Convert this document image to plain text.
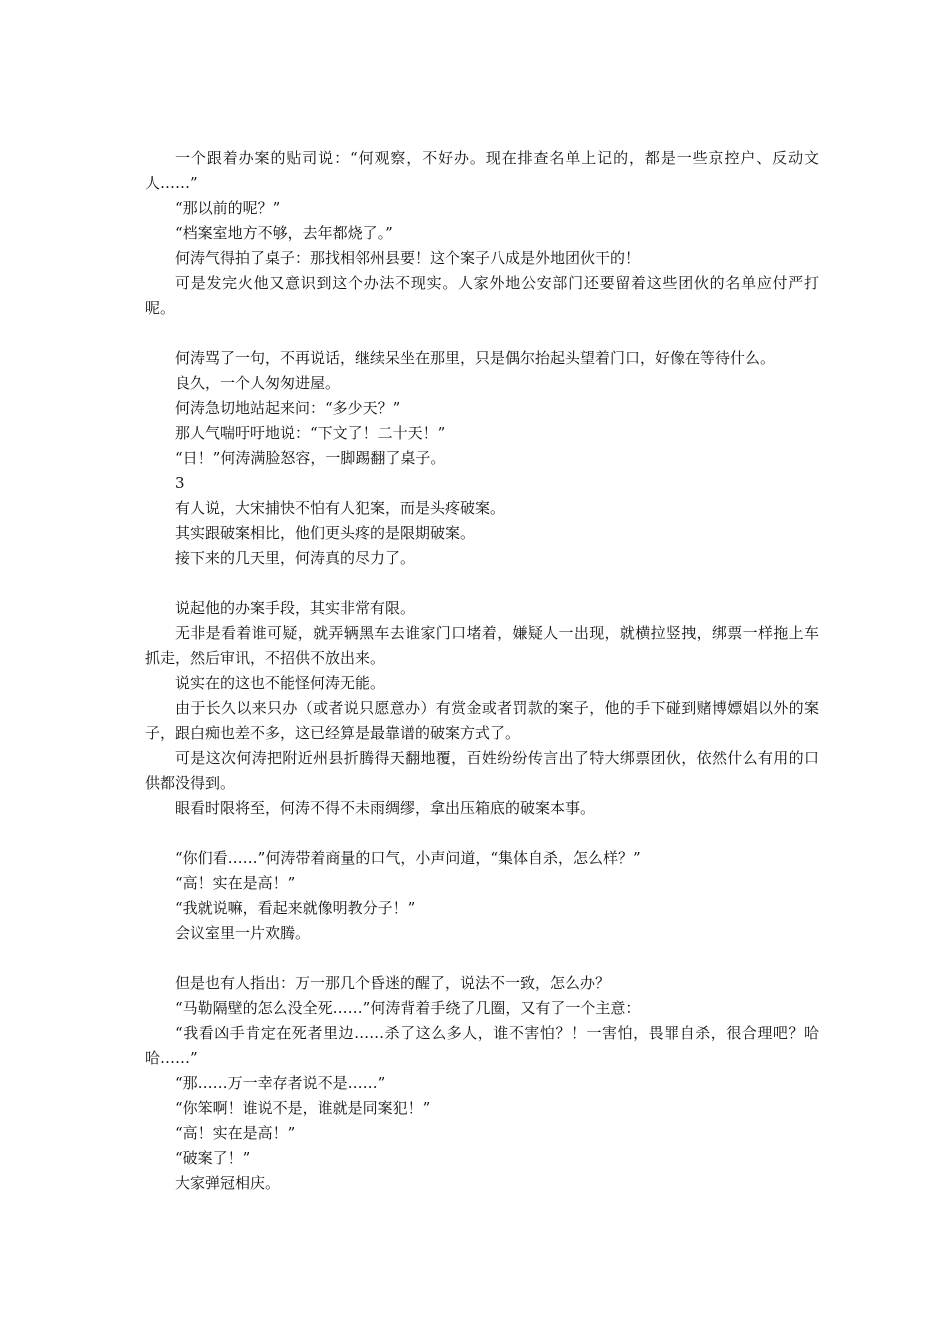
一个跟着办案的贴司说：“何观察，不好办。现在排查名单上记的，都是一些京控户、反动文人……”

“那以前的呢？”

“档案室地方不够，去年都烧了。”

何涛气得拍了桌子：那找相邻州县要！这个案子八成是外地团伙干的！

可是发完火他又意识到这个办法不现实。人家外地公安部门还要留着这些团伙的名单应付严打呢。

何涛骂了一句，不再说话，继续呆坐在那里，只是偶尔抬起头望着门口，好像在等待什么。

良久，一个人匆匆进屋。

何涛急切地站起来问：“多少天？”

那人气喘吁吁地说：“下文了！二十天！”

“日！”何涛满脸怒容，一脚踢翻了桌子。

3

有人说，大宋捕快不怕有人犯案，而是头疼破案。

其实跟破案相比，他们更头疼的是限期破案。

接下来的几天里，何涛真的尽力了。

说起他的办案手段，其实非常有限。

无非是看着谁可疑，就弄辆黑车去谁家门口堵着，嫌疑人一出现，就横拉竖拽，绑票一样拖上车抓走，然后审讯，不招供不放出来。

说实在的这也不能怪何涛无能。

由于长久以来只办（或者说只愿意办）有赏金或者罚款的案子，他的手下碰到赌博嫖娼以外的案子，跟白痴也差不多，这已经算是最靠谱的破案方式了。

可是这次何涛把附近州县折腾得天翻地覆，百姓纷纷传言出了特大绑票团伙，依然什么有用的口供都没得到。

眼看时限将至，何涛不得不未雨绸缪，拿出压箱底的破案本事。

“你们看……”何涛带着商量的口气，小声问道，“集体自杀，怎么样？”

“高！实在是高！”

“我就说嘛，看起来就像明教分子！”

会议室里一片欢腾。

但是也有人指出：万一那几个昏迷的醒了，说法不一致，怎么办？

“马勒隔壁的怎么没全死……”何涛背着手绕了几圈，又有了一个主意：

“我看凶手肯定在死者里边……杀了这么多人，谁不害怕？！一害怕，畏罪自杀，很合理吧？哈哈……”

“那……万一幸存者说不是……”

“你笨啊！谁说不是，谁就是同案犯！”

“高！实在是高！”

“破案了！”

大家弹冠相庆。
